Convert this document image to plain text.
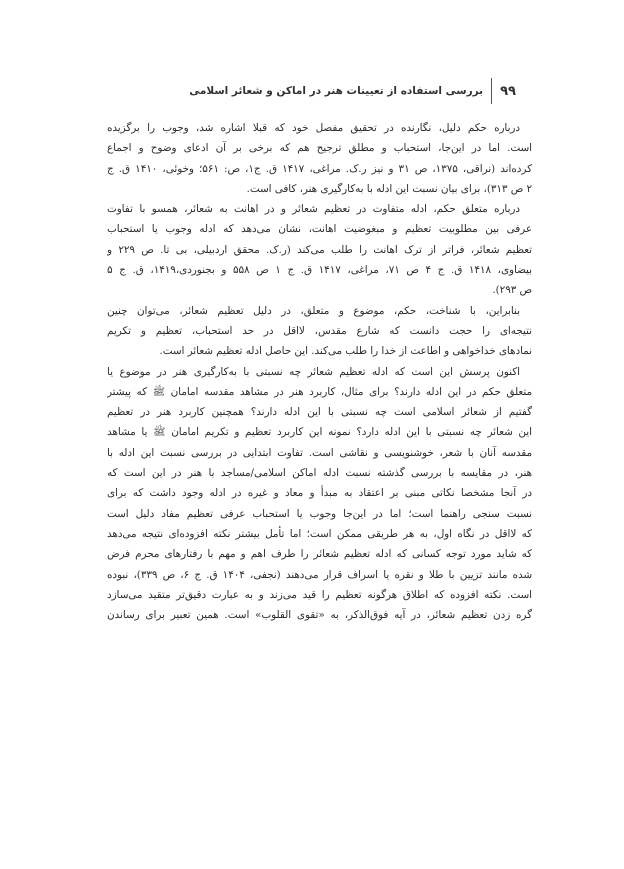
۹۹
بررسی استفاده از تعیینات هنر در اماکن و شعائر اسلامی
درباره حکم دلیل، نگارنده در تحقیق مفصل خود که قبلا اشاره شد، وجوب را برگزیده
است. اما در این‌جا، استحباب و مطلق ترجیح هم که برخی بر آن ادعای وضوح و اجماع
کرده‌اند (نراقی، ۱۳۷۵، ص ۳۱ و نیز ر.ک. مراغی، ۱۴۱۷ ق. ج۱، ص: ۵۶۱؛ وخوئی، ۱۴۱۰ ق. ج
۲ ص ۳۱۳)، برای بیان نسبت این ادله با به‌کارگیری هنر، کافی است.
درباره متعلق حکم، ادله متفاوت در تعظیم شعائر و در اهانت به شعائر، همسو با تفاوت
عرفی بین مطلوبیت تعظیم و مبغوضیت اهانت، نشان می‌دهد که ادله وجوب یا استحباب
تعظیم شعائر، فراتر از ترک اهانت را طلب می‌کند (ر.ک. محقق اردبیلی، بی تا. ص ۲۲۹ و
بیضاوی، ۱۴۱۸ ق. ج ۴ ص ۷۱، مراغی، ۱۴۱۷ ق. ج ۱ ص ۵۵۸ و بجنوردی،۱۴۱۹، ق. ج ۵
ص ۲۹۳).
بنابراین، با شناخت، حکم، موضوع و متعلق، در دلیل تعظیم شعائر، می‌توان چنین
نتیجه‌ای را حجت دانست که شارع مقدس، لااقل در حد استحباب، تعظیم و تکریم
نمادهای خداخواهی و اطاعت از خدا را طلب می‌کند. این حاصل ادله تعظیم شعائر است.
اکنون پرسش این است که ادله تعظیم شعائر چه نسبتی با به‌کارگیری هنر در موضوع یا
متعلق حکم در این ادله دارند؟ برای مثال، کاربرد هنر در مشاهد مقدسه امامان ﷺ که پیشتر
گفتیم از شعائر اسلامی است چه نسبتی با این ادله دارند؟ همچنین کاربرد هنر در تعظیم
این شعائر چه نسبتی با این ادله دارد؟ نمونه این کاربرد تعظیم و تکریم امامان ﷺ یا مشاهد
مقدسه آنان با شعر، خوشنویسی و نقاشی است. تفاوت ابتدایی در بررسی نسبت این ادله با
هنر، در مقایسه با بررسی گذشته نسبت ادله اماکن اسلامی/مساجد با هنر در این است که
در آنجا مشخصا نکاتی مبنی بر اعتقاد به مبدأ و معاد و غیره در ادله وجود داشت که برای
نسبت سنجی راهنما است؛ اما در این‌جا وجوب یا استحباب عرفی تعظیم مفاد دلیل است
که لااقل در نگاه اول، به هر طریقی ممکن است؛ اما تأمل بیشتر نکته افزوده‌ای نتیجه می‌دهد
که شاید مورد توجه کسانی که ادله تعظیم شعائر را طرف اهم و مهم با رفتارهای محرم فرض
شده مانند تزیین با طلا و نقره یا اسراف قرار می‌دهند (نجفی، ۱۴۰۴ ق. ج ۶، ص ۳۳۹)، نبوده
است. نکته افزوده که اطلاق هرگونه تعظیم را قید می‌زند و به عبارت دقیق‌تر متقید می‌سازد
گره زدن تعظیم شعائر، در آیه فوق‌الذکر، به «تقوی القلوب» است. همین تعبیر برای رساندن
